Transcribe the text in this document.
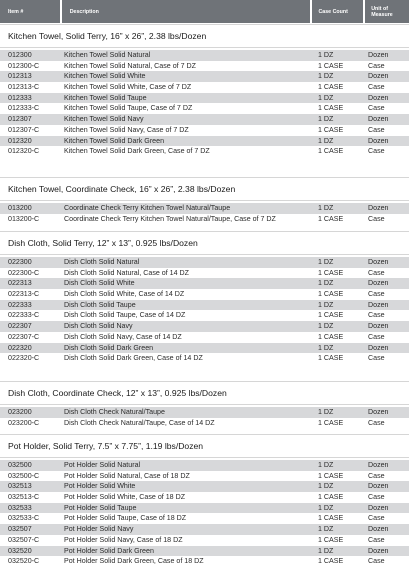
Item #	Description	Case Count	Unit of Measure
Kitchen Towel, Solid Terry, 16” x 26”, 2.38 lbs/Dozen
012300	Kitchen Towel Solid Natural	1 DZ	Dozen
012300-C	Kitchen Towel Solid Natural, Case of 7 DZ	1 CASE	Case
012313	Kitchen Towel Solid White	1 DZ	Dozen
012313-C	Kitchen Towel Solid White, Case of 7 DZ	1 CASE	Case
012333	Kitchen Towel Solid Taupe	1 DZ	Dozen
012333-C	Kitchen Towel Solid Taupe, Case of 7 DZ	1 CASE	Case
012307	Kitchen Towel Solid Navy	1 DZ	Dozen
012307-C	Kitchen Towel Solid Navy, Case of 7 DZ	1 CASE	Case
012320	Kitchen Towel Solid Dark Green	1 DZ	Dozen
012320-C	Kitchen Towel Solid Dark Green, Case of 7 DZ	1 CASE	Case
Kitchen Towel, Coordinate Check, 16” x 26”, 2.38 lbs/Dozen
013200	Coordinate Check Terry Kitchen Towel Natural/Taupe	1 DZ	Dozen
013200-C	Coordinate Check Terry Kitchen Towel Natural/Taupe, Case of 7 DZ	1 CASE	Case
Dish Cloth, Solid Terry, 12” x 13”, 0.925 lbs/Dozen
022300	Dish Cloth Solid Natural	1 DZ	Dozen
022300-C	Dish Cloth Solid Natural, Case of 14 DZ	1 CASE	Case
022313	Dish Cloth Solid White	1 DZ	Dozen
022313-C	Dish Cloth Solid White, Case of 14 DZ	1 CASE	Case
022333	Dish Cloth Solid Taupe	1 DZ	Dozen
022333-C	Dish Cloth Solid Taupe, Case of 14 DZ	1 CASE	Case
022307	Dish Cloth Solid Navy	1 DZ	Dozen
022307-C	Dish Cloth Solid Navy, Case of 14 DZ	1 CASE	Case
022320	Dish Cloth Solid Dark Green	1 DZ	Dozen
022320-C	Dish Cloth Solid Dark Green, Case of 14 DZ	1 CASE	Case
Dish Cloth, Coordinate Check, 12” x 13”, 0.925 lbs/Dozen
023200	Dish Cloth Check Natural/Taupe	1 DZ	Dozen
023200-C	Dish Cloth Check Natural/Taupe, Case of 14 DZ	1 CASE	Case
Pot Holder, Solid Terry, 7.5” x 7.75”, 1.19 lbs/Dozen
032500	Pot Holder Solid Natural	1 DZ	Dozen
032500-C	Pot Holder Solid Natural, Case of 18 DZ	1 CASE	Case
032513	Pot Holder Solid White	1 DZ	Dozen
032513-C	Pot Holder Solid White, Case of 18 DZ	1 CASE	Case
032533	Pot Holder Solid Taupe	1 DZ	Dozen
032533-C	Pot Holder Solid Taupe, Case of 18 DZ	1 CASE	Case
032507	Pot Holder Solid Navy	1 DZ	Dozen
032507-C	Pot Holder Solid Navy, Case of 18 DZ	1 CASE	Case
032520	Pot Holder Solid Dark Green	1 DZ	Dozen
032520-C	Pot Holder Solid Dark Green, Case of 18 DZ	1 CASE	Case
